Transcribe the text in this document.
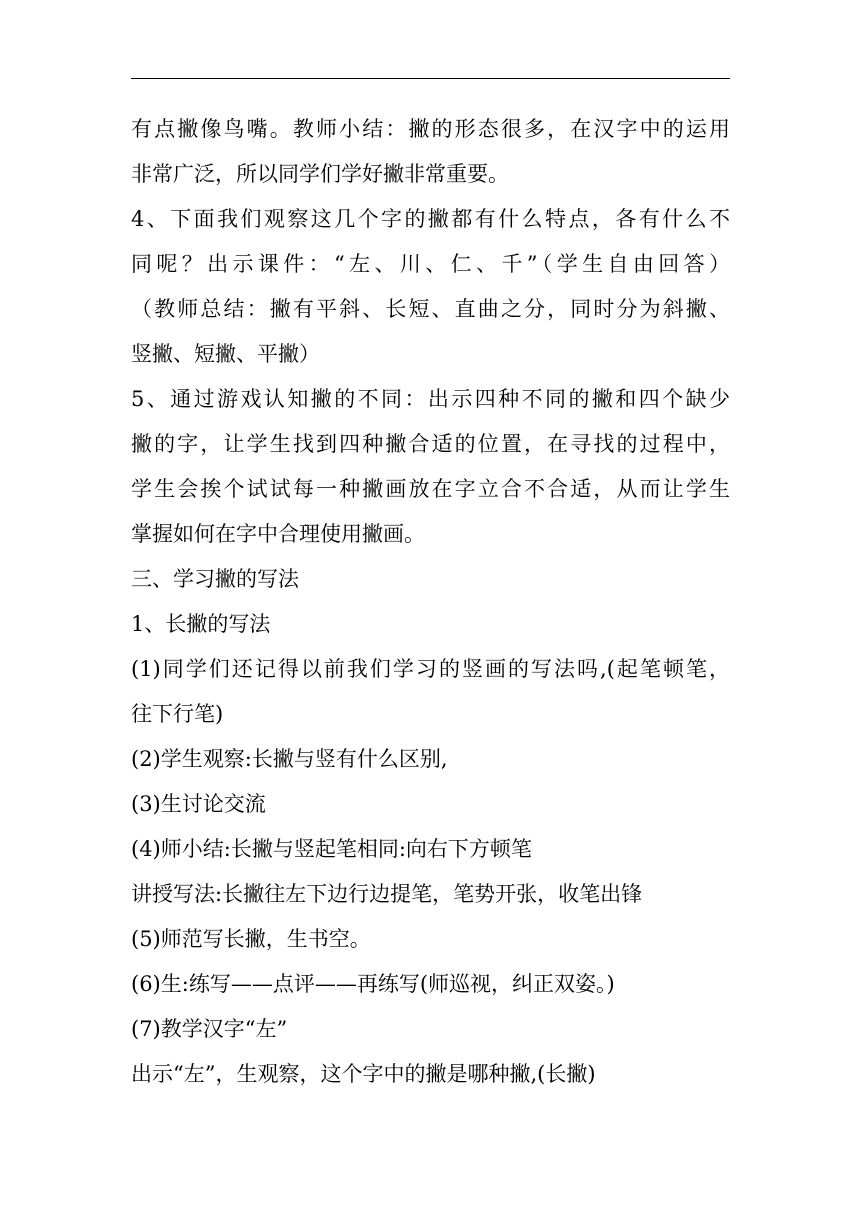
有点撇像鸟嘴。教师小结：撇的形态很多，在汉字中的运用
非常广泛，所以同学们学好撇非常重要。
4、下面我们观察这几个字的撇都有什么特点，各有什么不
同呢？出示课件：“左、川、仁、千”（学生自由回答）
（教师总结：撇有平斜、长短、直曲之分，同时分为斜撇、
竖撇、短撇、平撇）
5、通过游戏认知撇的不同：出示四种不同的撇和四个缺少
撇的字，让学生找到四种撇合适的位置，在寻找的过程中，
学生会挨个试试每一种撇画放在字立合不合适，从而让学生
掌握如何在字中合理使用撇画。
三、学习撇的写法
1、长撇的写法
(1)同学们还记得以前我们学习的竖画的写法吗,(起笔顿笔，
往下行笔)
(2)学生观察:长撇与竖有什么区别,
(3)生讨论交流
(4)师小结:长撇与竖起笔相同:向右下方顿笔
讲授写法:长撇往左下边行边提笔，笔势开张，收笔出锋
(5)师范写长撇，生书空。
(6)生:练写——点评——再练写(师巡视，纠正双姿。)
(7)教学汉字“左”
出示“左”，生观察，这个字中的撇是哪种撇,(长撇)
